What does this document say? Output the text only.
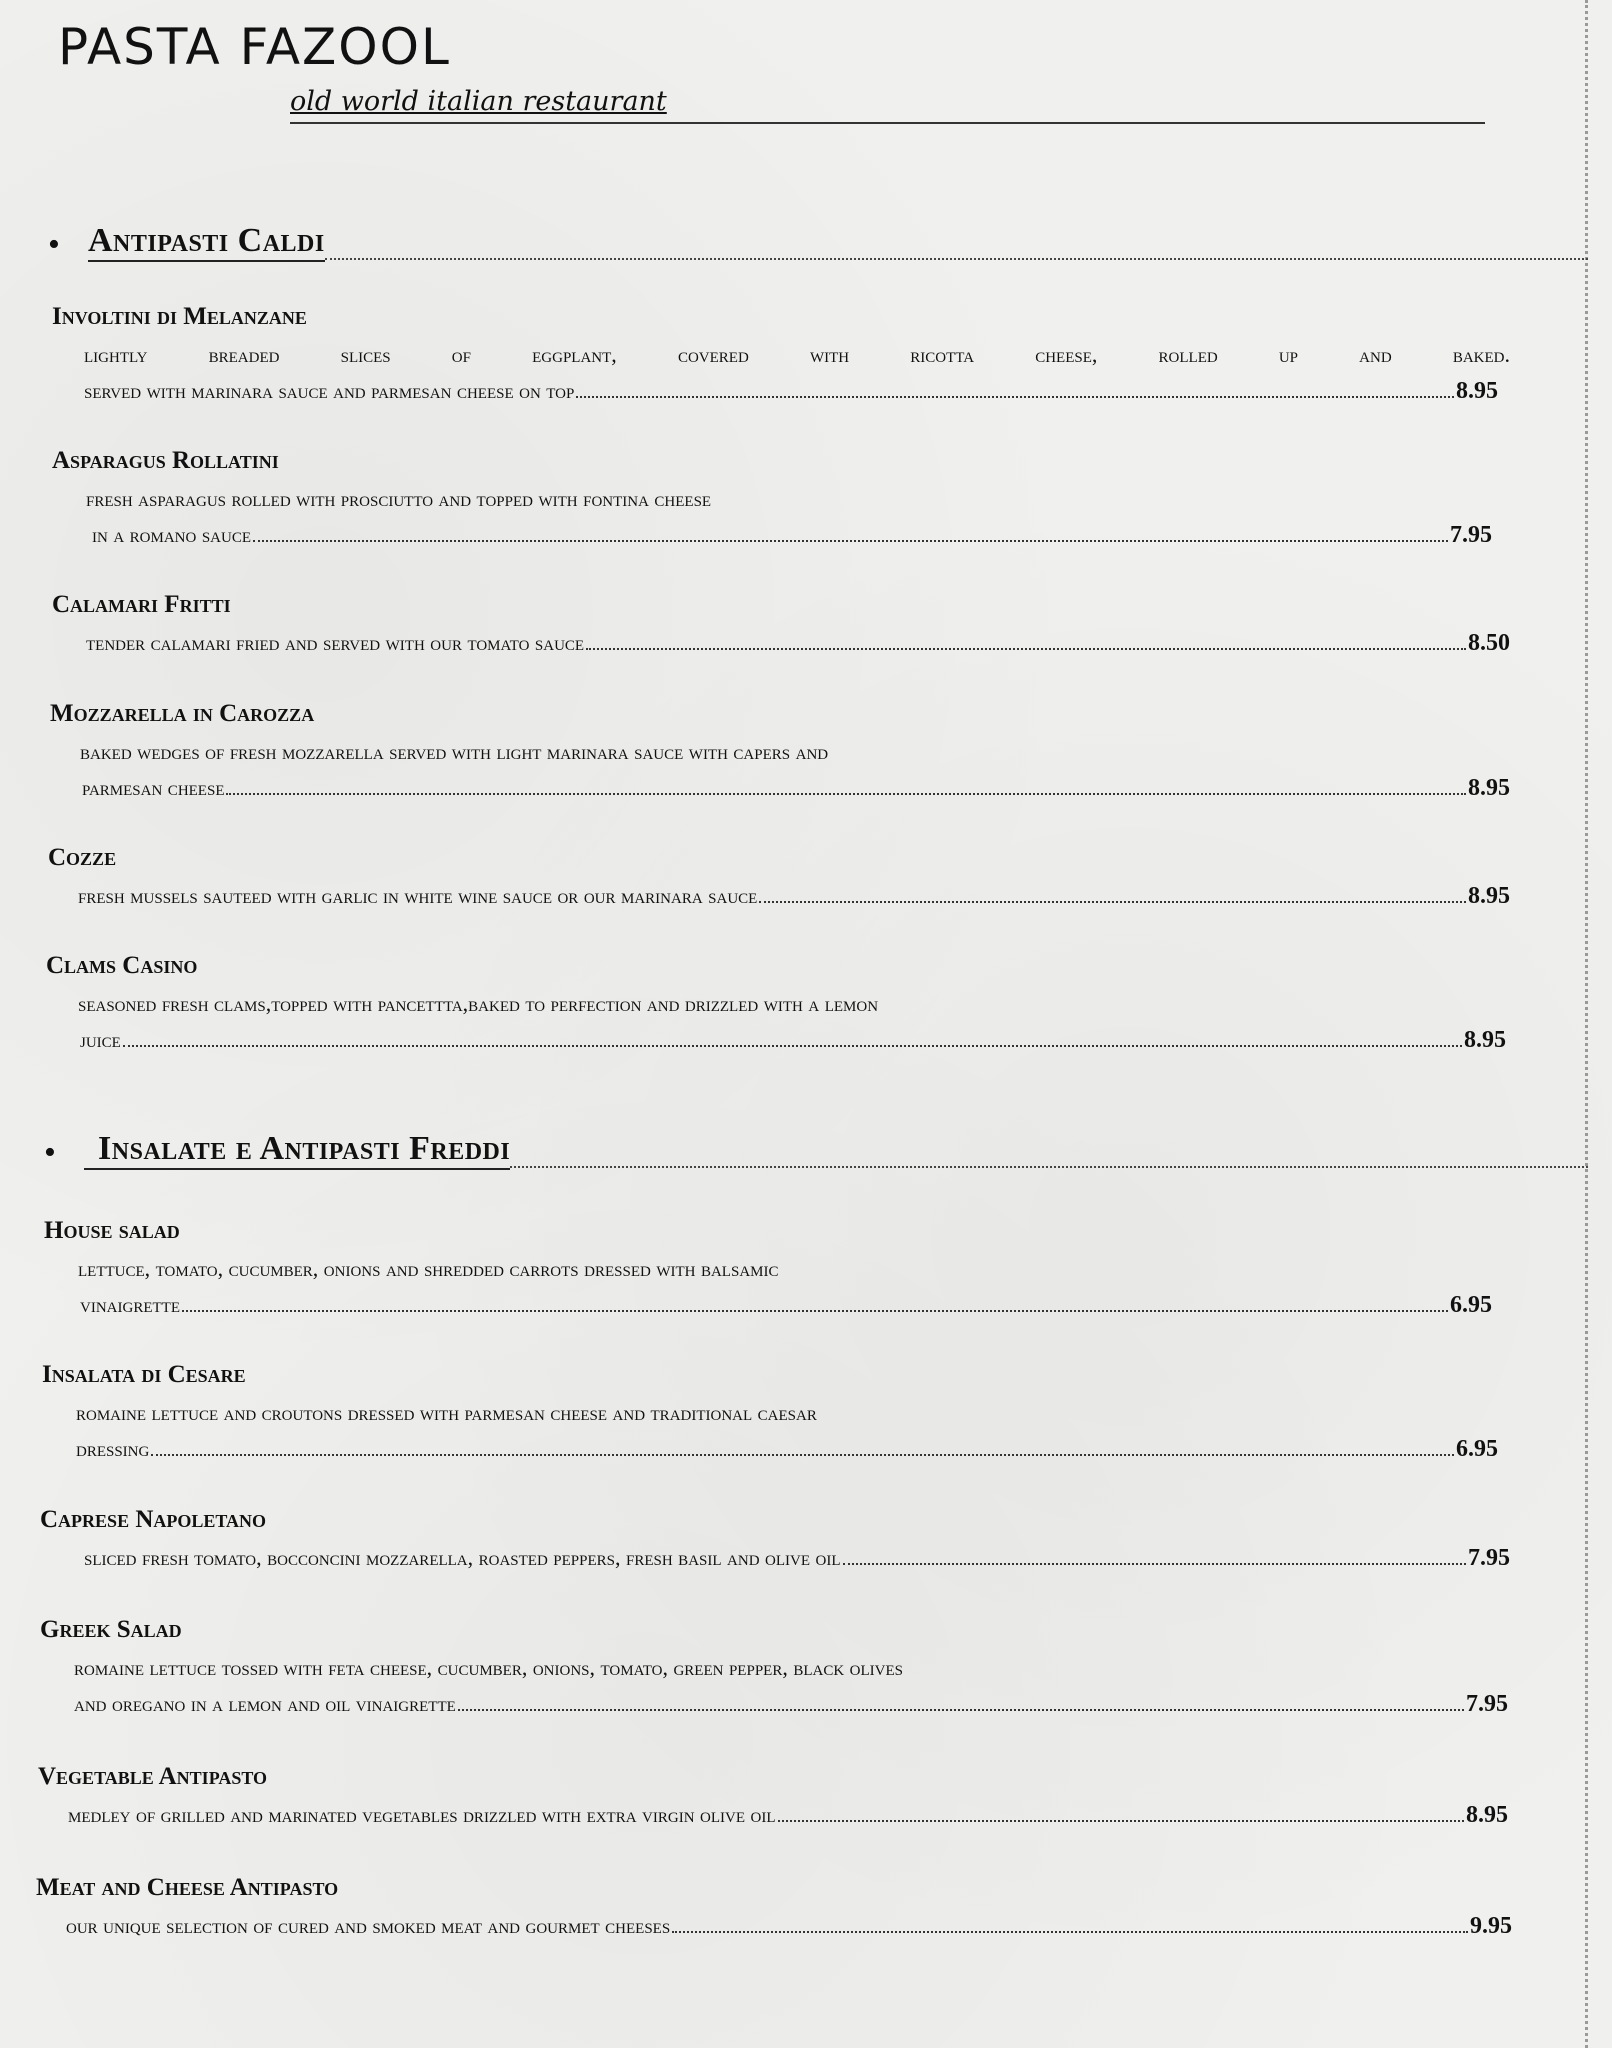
PASTA FAZOOL
old world italian restaurant
• Antipasti Caldi
Involtini di Melanzane
lightly breaded slices of eggplant, covered with ricotta cheese, rolled up and baked.
served with marinara sauce and parmesan cheese on top	8.95
Asparagus Rollatini
fresh asparagus rolled with prosciutto and topped with fontina cheese
in a romano sauce	7.95
Calamari Fritti
tender calamari fried and served with our tomato sauce	8.50
Mozzarella in Carozza
baked wedges of fresh mozzarella served with light marinara sauce with capers and
parmesan cheese	8.95
Cozze
fresh mussels sauteed with garlic in white wine sauce or our marinara sauce	8.95
Clams Casino
seasoned fresh clams,topped with pancettta,baked to perfection and drizzled with a lemon
juice	8.95
•	Insalate e Antipasti Freddi
House salad
lettuce, tomato, cucumber, onions and shredded carrots dressed with balsamic
vinaigrette	6.95
Insalata di Cesare
romaine lettuce and croutons dressed with parmesan cheese and traditional caesar
dressing	6.95
Caprese Napoletano
sliced fresh tomato, bocconcini mozzarella, roasted peppers, fresh basil and olive oil	7.95
Greek Salad
romaine lettuce tossed with feta cheese, cucumber, onions, tomato, green pepper, black olives
and oregano in a lemon and oil vinaigrette	7.95
Vegetable Antipasto
medley of grilled and marinated vegetables drizzled with extra virgin olive oil	8.95
Meat and Cheese Antipasto
our unique selection of cured and smoked meat and gourmet cheeses	9.95
